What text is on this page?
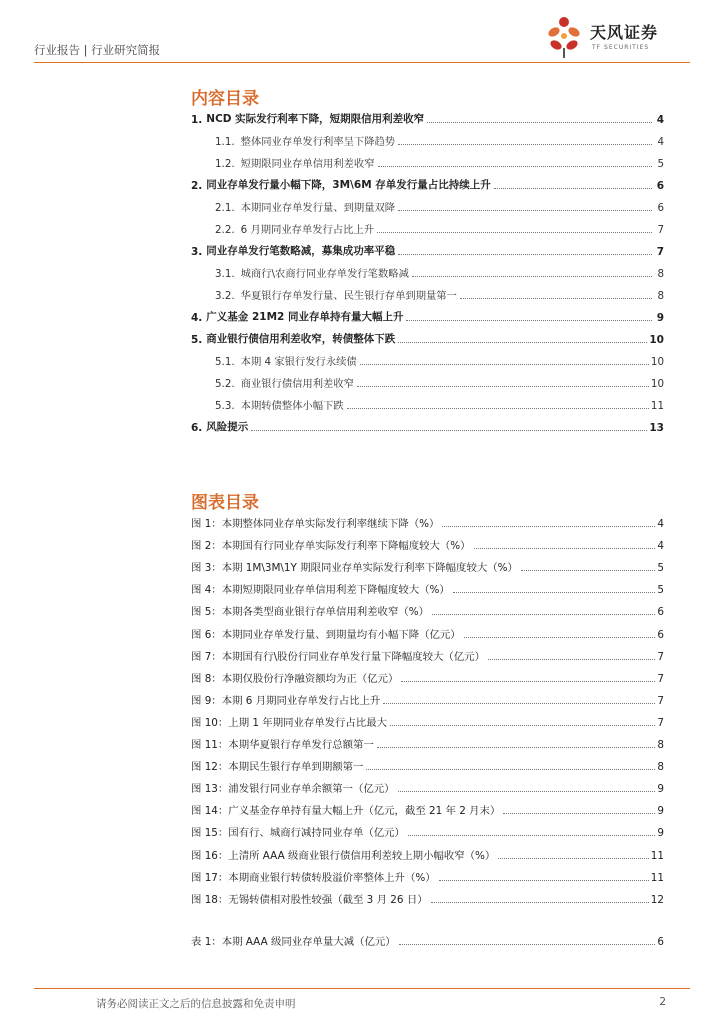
行业报告 | 行业研究简报
天风证券
TF SECURITIES
内容目录
1. NCD 实际发行利率下降，短期限信用利差收窄	4
1.1. 整体同业存单发行利率呈下降趋势	4
1.2. 短期限同业存单信用利差收窄	5
2. 同业存单发行量小幅下降，3M\6M 存单发行量占比持续上升	6
2.1. 本期同业存单发行量、到期量双降	6
2.2. 6 月期同业存单发行占比上升	7
3. 同业存单发行笔数略减，募集成功率平稳	7
3.1. 城商行\农商行同业存单发行笔数略减	8
3.2. 华夏银行存单发行量、民生银行存单到期量第一	8
4. 广义基金 21M2 同业存单持有量大幅上升	9
5. 商业银行债信用利差收窄，转债整体下跌	10
5.1. 本期 4 家银行发行永续债	10
5.2. 商业银行债信用利差收窄	10
5.3. 本期转债整体小幅下跌	11
6. 风险提示	13
图表目录
图 1：本期整体同业存单实际发行利率继续下降（%）	4
图 2：本期国有行同业存单实际发行利率下降幅度较大（%）	4
图 3：本期 1M\3M\1Y 期限同业存单实际发行利率下降幅度较大（%）	5
图 4：本期短期限同业存单信用利差下降幅度较大（%）	5
图 5：本期各类型商业银行存单信用利差收窄（%）	6
图 6：本期同业存单发行量、到期量均有小幅下降（亿元）	6
图 7：本期国有行\股份行同业存单发行量下降幅度较大（亿元）	7
图 8：本期仅股份行净融资额均为正（亿元）	7
图 9：本期 6 月期同业存单发行占比上升	7
图 10：上期 1 年期同业存单发行占比最大	7
图 11：本期华夏银行存单发行总额第一	8
图 12：本期民生银行存单到期额第一	8
图 13：浦发银行同业存单余额第一（亿元）	9
图 14：广义基金存单持有量大幅上升（亿元，截至 21 年 2 月末）	9
图 15：国有行、城商行减持同业存单（亿元）	9
图 16：上清所 AAA 级商业银行债信用利差较上期小幅收窄（%）	11
图 17：本期商业银行转债转股溢价率整体上升（%）	11
图 18：无锡转债相对股性较强（截至 3 月 26 日）	12
表 1：本期 AAA 级同业存单量大减（亿元）	6
请务必阅读正文之后的信息披露和免责申明	2
